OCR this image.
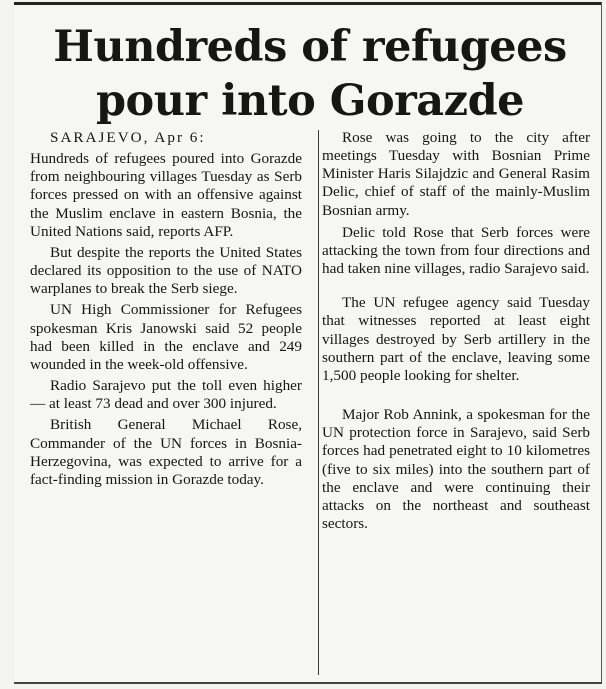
Hundreds of refugees
pour into Gorazde

SARAJEVO, Apr 6:

Hundreds of refugees poured into Gorazde from neighbouring villages Tuesday as Serb forces pressed on with an offensive against the Muslim enclave in eastern Bosnia, the United Nations said, reports AFP.

But despite the reports the United States declared its opposition to the use of NATO warplanes to break the Serb siege.

UN High Commissioner for Refugees spokesman Kris Janowski said 52 people had been killed in the enclave and 249 wounded in the week-old offensive.

Radio Sarajevo put the toll even higher — at least 73 dead and over 300 injured.

British General Michael Rose, Commander of the UN forces in Bosnia-Herzegovina, was expected to arrive for a fact-finding mission in Gorazde today.

Rose was going to the city after meetings Tuesday with Bosnian Prime Minister Haris Silajdzic and General Rasim Delic, chief of staff of the mainly-Muslim Bosnian army.

Delic told Rose that Serb forces were attacking the town from four directions and had taken nine villages, radio Sarajevo said.

The UN refugee agency said Tuesday that witnesses reported at least eight villages destroyed by Serb artillery in the southern part of the enclave, leaving some 1,500 people looking for shelter.

Major Rob Annink, a spokesman for the UN protection force in Sarajevo, said Serb forces had penetrated eight to 10 kilometres (five to six miles) into the southern part of the enclave and were continuing their attacks on the northeast and southeast sectors.
